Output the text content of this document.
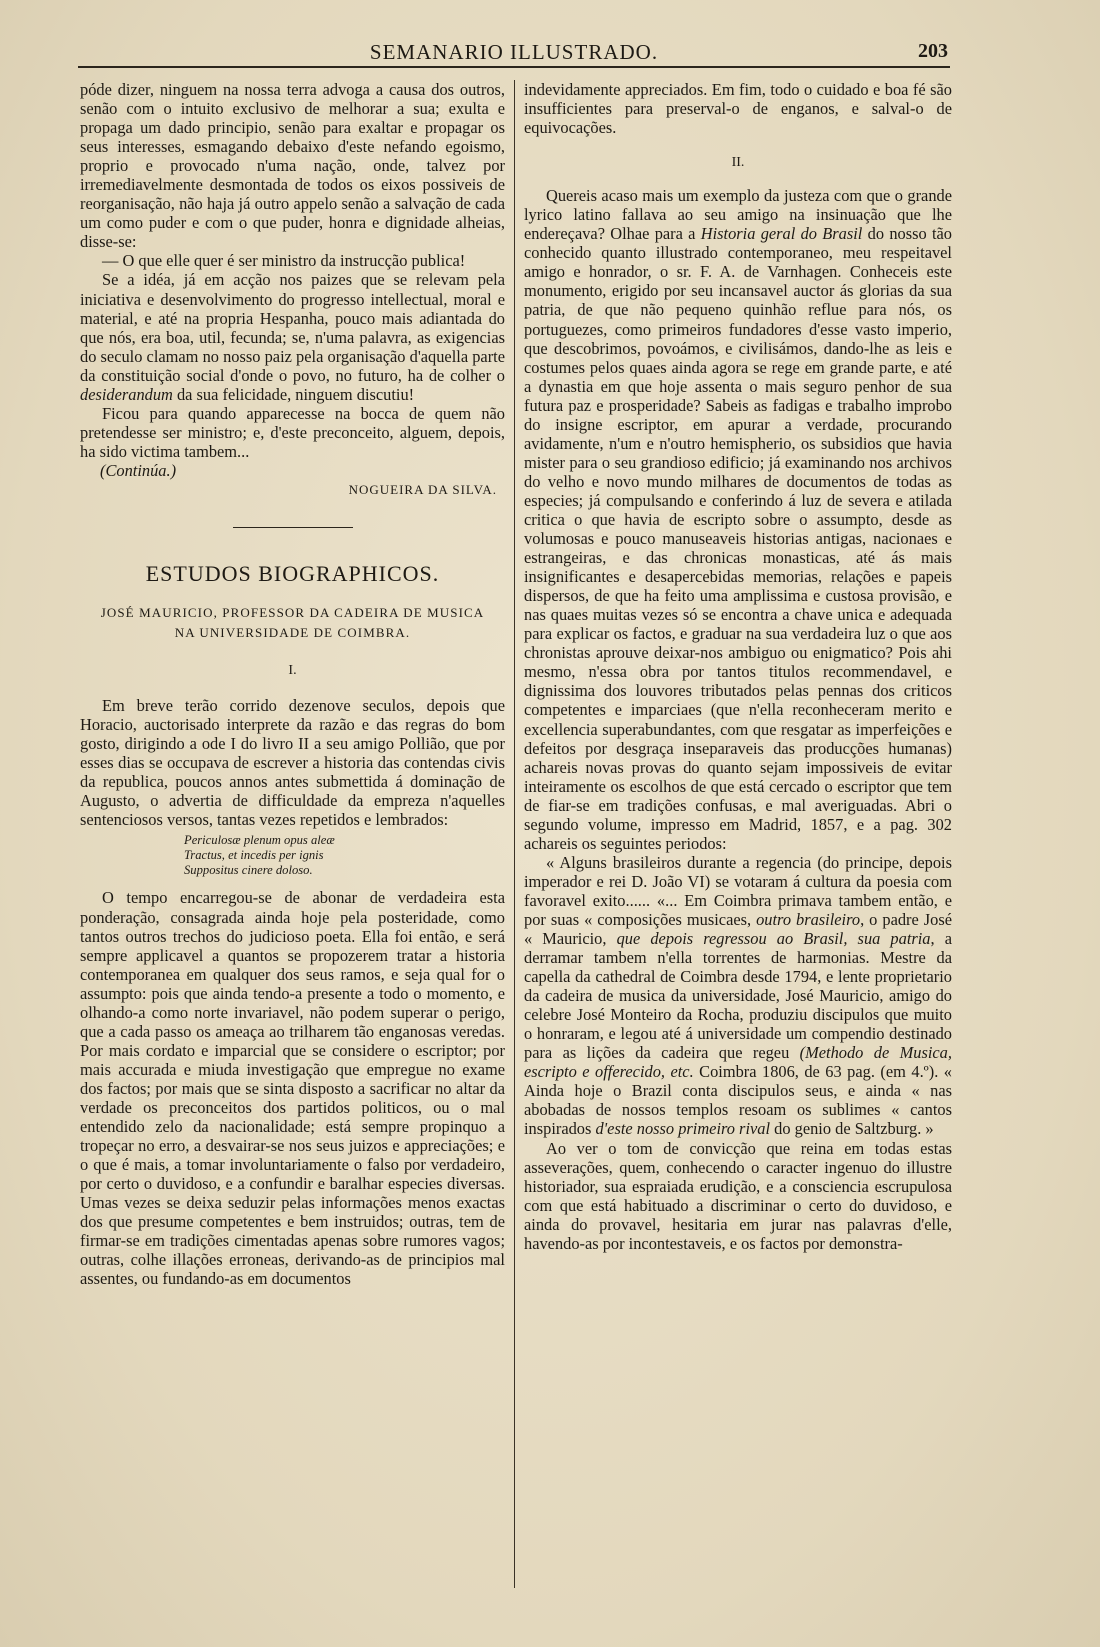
SEMANARIO ILLUSTRADO.	203

póde dizer, ninguem na nossa terra advoga a causa dos outros, senão com o intuito exclusivo de melhorar a sua; exulta e propaga um dado principio, senão para exaltar e propagar os seus interesses, esmagando debaixo d'este nefando egoismo, proprio e provocado n'uma nação, onde, talvez por irremediavelmente desmontada de todos os eixos possiveis de reorganisação, não haja já outro appelo senão a salvação de cada um como puder e com o que puder, honra e dignidade alheias, disse-se:

— O que elle quer é ser ministro da instrucção publica!

Se a idéa, já em acção nos paizes que se relevam pela iniciativa e desenvolvimento do progresso intellectual, moral e material, e até na propria Hespanha, pouco mais adiantada do que nós, era boa, util, fecunda; se, n'uma palavra, as exigencias do seculo clamam no nosso paiz pela organisação d'aquella parte da constituição social d'onde o povo, no futuro, ha de colher o desiderandum da sua felicidade, ninguem discutiu!

Ficou para quando apparecesse na bocca de quem não pretendesse ser ministro; e, d'este preconceito, alguem, depois, ha sido victima tambem...

(Continúa.)

NOGUEIRA DA SILVA.

ESTUDOS BIOGRAPHICOS.
JOSÉ MAURICIO, PROFESSOR DA CADEIRA DE MUSICA
NA UNIVERSIDADE DE COIMBRA.
I.

Em breve terão corrido dezenove seculos, depois que Horacio, auctorisado interprete da razão e das regras do bom gosto, dirigindo a ode I do livro II a seu amigo Pollião, que por esses dias se occupava de escrever a historia das contendas civis da republica, poucos annos antes submettida á dominação de Augusto, o advertia de difficuldade da empreza n'aquelles sentenciosos versos, tantas vezes repetidos e lembrados:

Periculosæ plenum opus aleæ
Tractus, et incedis per ignis
Suppositus cinere doloso.

O tempo encarregou-se de abonar de verdadeira esta ponderação, consagrada ainda hoje pela posteridade, como tantos outros trechos do judicioso poeta. Ella foi então, e será sempre applicavel a quantos se propozerem tratar a historia contemporanea em qualquer dos seus ramos, e seja qual for o assumpto: pois que ainda tendo-a presente a todo o momento, e olhando-a como norte invariavel, não podem superar o perigo, que a cada passo os ameaça ao trilharem tão enganosas veredas. Por mais cordato e imparcial que se considere o escriptor; por mais accurada e miuda investigação que empregue no exame dos factos; por mais que se sinta disposto a sacrificar no altar da verdade os preconceitos dos partidos politicos, ou o mal entendido zelo da nacionalidade; está sempre propinquo a tropeçar no erro, a desvairar-se nos seus juizos e appreciações; e o que é mais, a tomar involuntariamente o falso por verdadeiro, por certo o duvidoso, e a confundir e baralhar especies diversas. Umas vezes se deixa seduzir pelas informações menos exactas dos que presume competentes e bem instruidos; outras, tem de firmar-se em tradições cimentadas apenas sobre rumores vagos; outras, colhe illações erroneas, derivando-as de principios mal assentes, ou fundando-as em documentos

indevidamente appreciados. Em fim, todo o cuidado e boa fé são insufficientes para preserval-o de enganos, e salval-o de equivocações.

II.

Quereis acaso mais um exemplo da justeza com que o grande lyrico latino fallava ao seu amigo na insinuação que lhe endereçava? Olhae para a Historia geral do Brasil do nosso tão conhecido quanto illustrado contemporaneo, meu respeitavel amigo e honrador, o sr. F. A. de Varnhagen. Conheceis este monumento, erigido por seu incansavel auctor ás glorias da sua patria, de que não pequeno quinhão reflue para nós, os portuguezes, como primeiros fundadores d'esse vasto imperio, que descobrimos, povoámos, e civilisámos, dando-lhe as leis e costumes pelos quaes ainda agora se rege em grande parte, e até a dynastia em que hoje assenta o mais seguro penhor de sua futura paz e prosperidade? Sabeis as fadigas e trabalho improbo do insigne escriptor, em apurar a verdade, procurando avidamente, n'um e n'outro hemispherio, os subsidios que havia mister para o seu grandioso edificio; já examinando nos archivos do velho e novo mundo milhares de documentos de todas as especies; já compulsando e conferindo á luz de severa e atilada critica o que havia de escripto sobre o assumpto, desde as volumosas e pouco manuseaveis historias antigas, nacionaes e estrangeiras, e das chronicas monasticas, até ás mais insignificantes e desapercebidas memorias, relações e papeis dispersos, de que ha feito uma amplissima e custosa provisão, e nas quaes muitas vezes só se encontra a chave unica e adequada para explicar os factos, e graduar na sua verdadeira luz o que aos chronistas aprouve deixar-nos ambiguo ou enigmatico? Pois ahi mesmo, n'essa obra por tantos titulos recommendavel, e dignissima dos louvores tributados pelas pennas dos criticos competentes e imparciaes (que n'ella reconheceram merito e excellencia superabundantes, com que resgatar as imperfeições e defeitos por desgraça inseparaveis das producções humanas) achareis novas provas do quanto sejam impossiveis de evitar inteiramente os escolhos de que está cercado o escriptor que tem de fiar-se em tradições confusas, e mal averiguadas. Abri o segundo volume, impresso em Madrid, 1857, e a pag. 302 achareis os seguintes periodos:

« Alguns brasileiros durante a regencia (do principe, depois imperador e rei D. João VI) se votaram á cultura da poesia com favoravel exito...... «... Em Coimbra primava tambem então, e por suas « composições musicaes, outro brasileiro, o padre José « Mauricio, que depois regressou ao Brasil, sua patria, a derramar tambem n'ella torrentes de harmonias. Mestre da capella da cathedral de Coimbra desde 1794, e lente proprietario da cadeira de musica da universidade, José Mauricio, amigo do celebre José Monteiro da Rocha, produziu discipulos que muito o honraram, e legou até á universidade um compendio destinado para as lições da cadeira que regeu (Methodo de Musica, escripto e offerecido, etc. Coimbra 1806, de 63 pag. (em 4.º). « Ainda hoje o Brazil conta discipulos seus, e ainda « nas abobadas de nossos templos resoam os sublimes « cantos inspirados d'este nosso primeiro rival do genio de Saltzburg. »

Ao ver o tom de convicção que reina em todas estas asseverações, quem, conhecendo o caracter ingenuo do illustre historiador, sua espraiada erudição, e a consciencia escrupulosa com que está habituado a discriminar o certo do duvidoso, e ainda do provavel, hesitaria em jurar nas palavras d'elle, havendo-as por incontestaveis, e os factos por demonstra-
